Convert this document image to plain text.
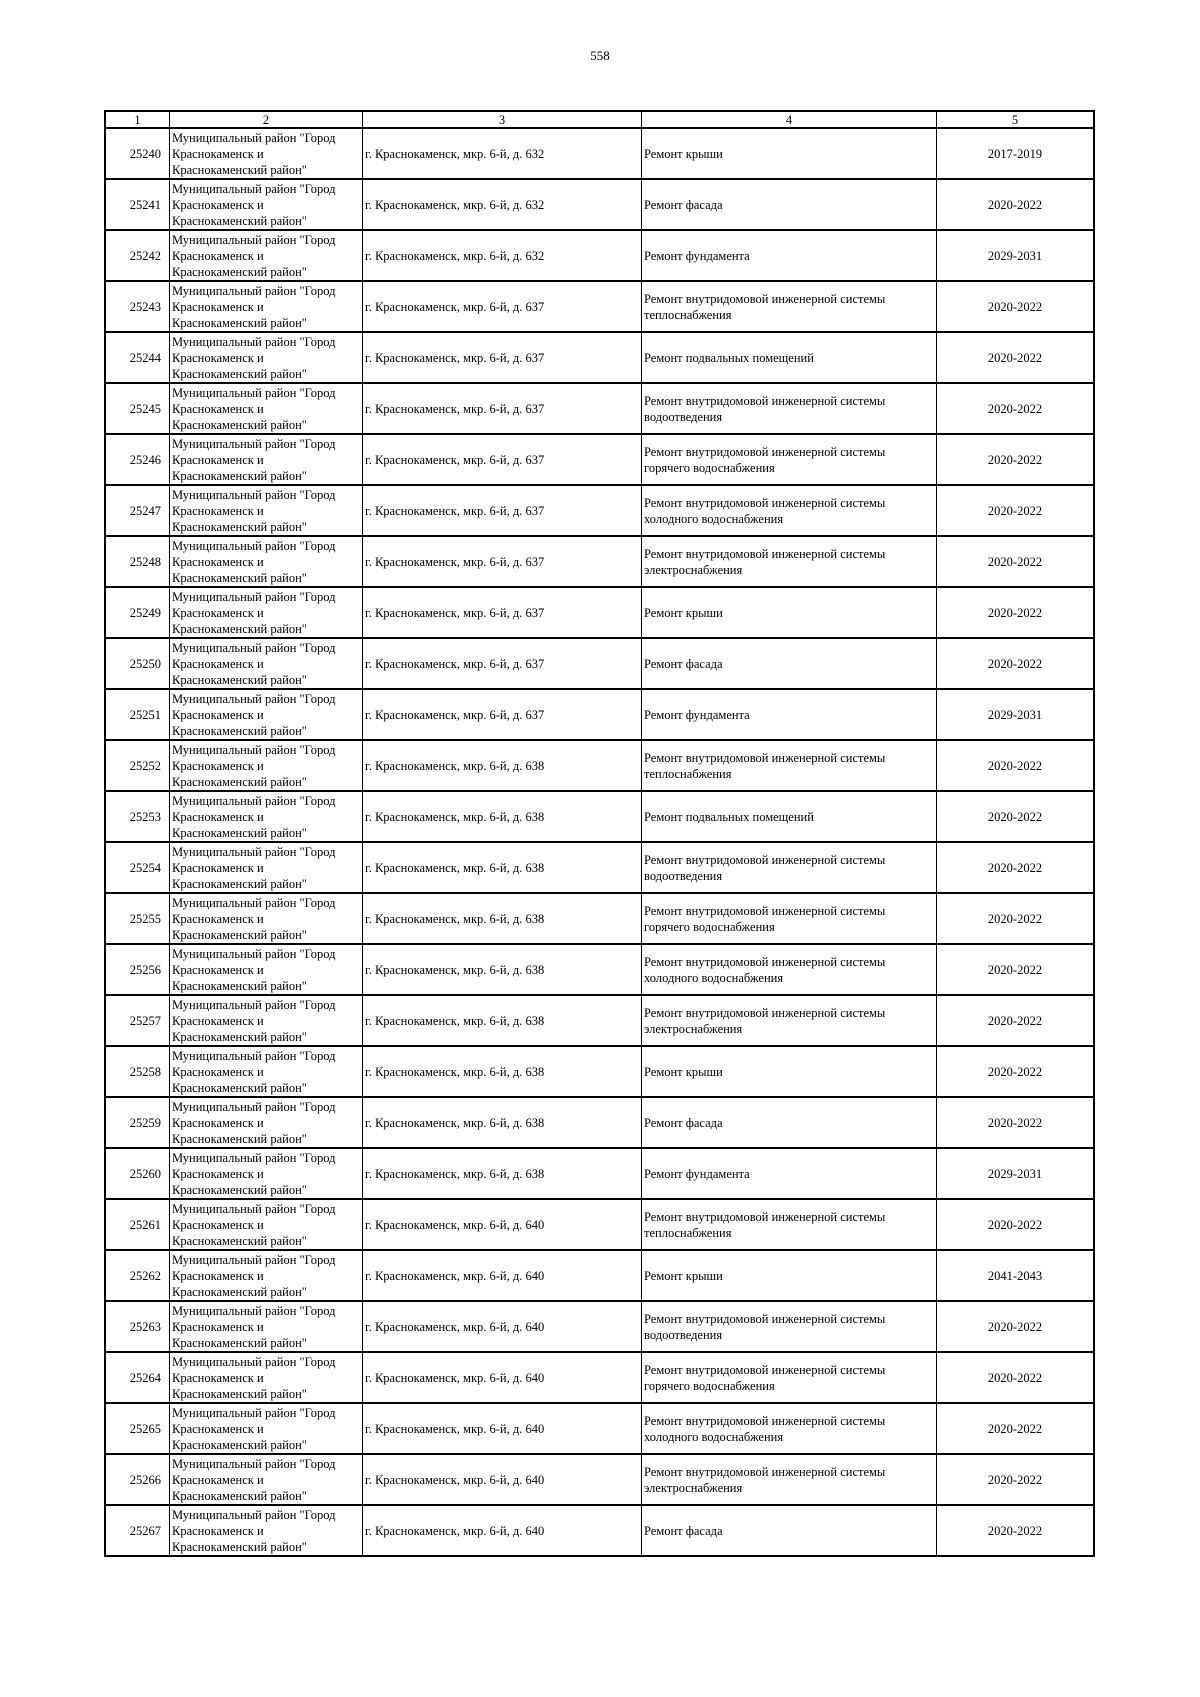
558
1	2	3	4	5
25240	Муниципальный район "Город Краснокаменск и Краснокаменский район"	г. Краснокаменск, мкр. 6-й, д. 632	Ремонт крыши	2017-2019
25241	Муниципальный район "Город Краснокаменск и Краснокаменский район"	г. Краснокаменск, мкр. 6-й, д. 632	Ремонт фасада	2020-2022
25242	Муниципальный район "Город Краснокаменск и Краснокаменский район"	г. Краснокаменск, мкр. 6-й, д. 632	Ремонт фундамента	2029-2031
25243	Муниципальный район "Город Краснокаменск и Краснокаменский район"	г. Краснокаменск, мкр. 6-й, д. 637	Ремонт внутридомовой инженерной системы теплоснабжения	2020-2022
25244	Муниципальный район "Город Краснокаменск и Краснокаменский район"	г. Краснокаменск, мкр. 6-й, д. 637	Ремонт подвальных помещений	2020-2022
25245	Муниципальный район "Город Краснокаменск и Краснокаменский район"	г. Краснокаменск, мкр. 6-й, д. 637	Ремонт внутридомовой инженерной системы водоотведения	2020-2022
25246	Муниципальный район "Город Краснокаменск и Краснокаменский район"	г. Краснокаменск, мкр. 6-й, д. 637	Ремонт внутридомовой инженерной системы горячего водоснабжения	2020-2022
25247	Муниципальный район "Город Краснокаменск и Краснокаменский район"	г. Краснокаменск, мкр. 6-й, д. 637	Ремонт внутридомовой инженерной системы холодного водоснабжения	2020-2022
25248	Муниципальный район "Город Краснокаменск и Краснокаменский район"	г. Краснокаменск, мкр. 6-й, д. 637	Ремонт внутридомовой инженерной системы электроснабжения	2020-2022
25249	Муниципальный район "Город Краснокаменск и Краснокаменский район"	г. Краснокаменск, мкр. 6-й, д. 637	Ремонт крыши	2020-2022
25250	Муниципальный район "Город Краснокаменск и Краснокаменский район"	г. Краснокаменск, мкр. 6-й, д. 637	Ремонт фасада	2020-2022
25251	Муниципальный район "Город Краснокаменск и Краснокаменский район"	г. Краснокаменск, мкр. 6-й, д. 637	Ремонт фундамента	2029-2031
25252	Муниципальный район "Город Краснокаменск и Краснокаменский район"	г. Краснокаменск, мкр. 6-й, д. 638	Ремонт внутридомовой инженерной системы теплоснабжения	2020-2022
25253	Муниципальный район "Город Краснокаменск и Краснокаменский район"	г. Краснокаменск, мкр. 6-й, д. 638	Ремонт подвальных помещений	2020-2022
25254	Муниципальный район "Город Краснокаменск и Краснокаменский район"	г. Краснокаменск, мкр. 6-й, д. 638	Ремонт внутридомовой инженерной системы водоотведения	2020-2022
25255	Муниципальный район "Город Краснокаменск и Краснокаменский район"	г. Краснокаменск, мкр. 6-й, д. 638	Ремонт внутридомовой инженерной системы горячего водоснабжения	2020-2022
25256	Муниципальный район "Город Краснокаменск и Краснокаменский район"	г. Краснокаменск, мкр. 6-й, д. 638	Ремонт внутридомовой инженерной системы холодного водоснабжения	2020-2022
25257	Муниципальный район "Город Краснокаменск и Краснокаменский район"	г. Краснокаменск, мкр. 6-й, д. 638	Ремонт внутридомовой инженерной системы электроснабжения	2020-2022
25258	Муниципальный район "Город Краснокаменск и Краснокаменский район"	г. Краснокаменск, мкр. 6-й, д. 638	Ремонт крыши	2020-2022
25259	Муниципальный район "Город Краснокаменск и Краснокаменский район"	г. Краснокаменск, мкр. 6-й, д. 638	Ремонт фасада	2020-2022
25260	Муниципальный район "Город Краснокаменск и Краснокаменский район"	г. Краснокаменск, мкр. 6-й, д. 638	Ремонт фундамента	2029-2031
25261	Муниципальный район "Город Краснокаменск и Краснокаменский район"	г. Краснокаменск, мкр. 6-й, д. 640	Ремонт внутридомовой инженерной системы теплоснабжения	2020-2022
25262	Муниципальный район "Город Краснокаменск и Краснокаменский район"	г. Краснокаменск, мкр. 6-й, д. 640	Ремонт крыши	2041-2043
25263	Муниципальный район "Город Краснокаменск и Краснокаменский район"	г. Краснокаменск, мкр. 6-й, д. 640	Ремонт внутридомовой инженерной системы водоотведения	2020-2022
25264	Муниципальный район "Город Краснокаменск и Краснокаменский район"	г. Краснокаменск, мкр. 6-й, д. 640	Ремонт внутридомовой инженерной системы горячего водоснабжения	2020-2022
25265	Муниципальный район "Город Краснокаменск и Краснокаменский район"	г. Краснокаменск, мкр. 6-й, д. 640	Ремонт внутридомовой инженерной системы холодного водоснабжения	2020-2022
25266	Муниципальный район "Город Краснокаменск и Краснокаменский район"	г. Краснокаменск, мкр. 6-й, д. 640	Ремонт внутридомовой инженерной системы электроснабжения	2020-2022
25267	Муниципальный район "Город Краснокаменск и Краснокаменский район"	г. Краснокаменск, мкр. 6-й, д. 640	Ремонт фасада	2020-2022
